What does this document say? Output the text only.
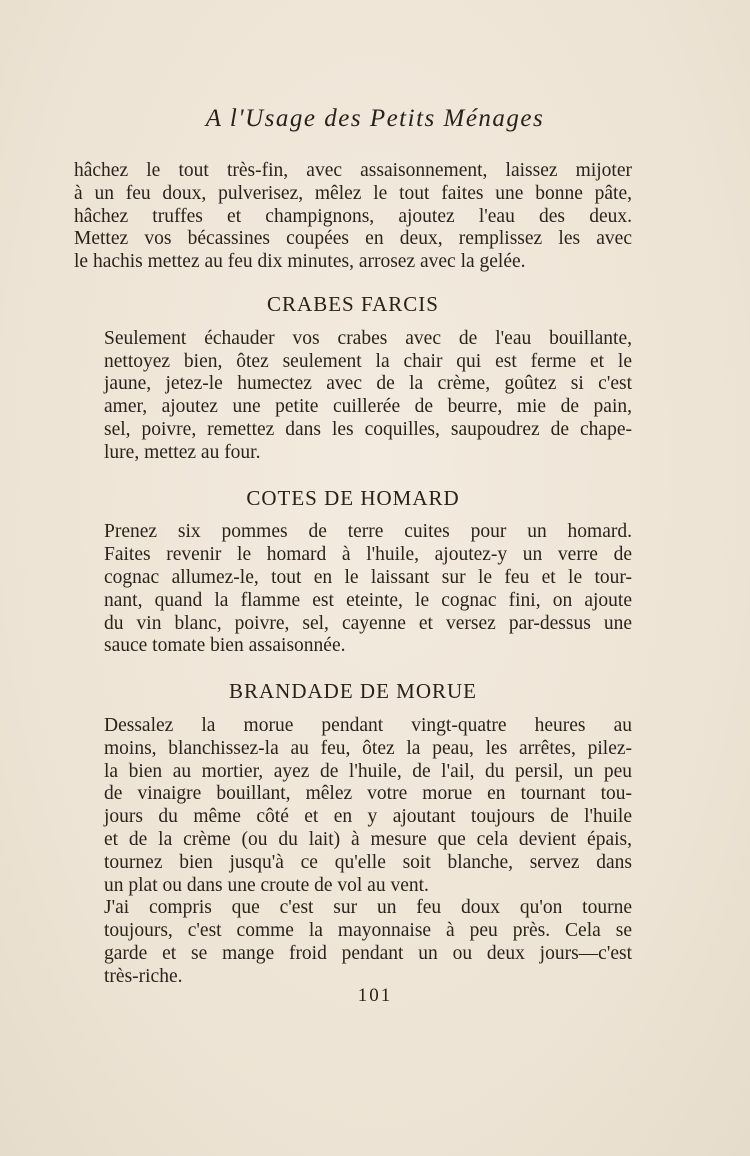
A l'Usage des Petits Ménages
hâchez le tout très-fin, avec assaisonnement, laissez mijoter
à un feu doux, pulverisez, mêlez le tout faites une bonne pâte,
hâchez truffes et champignons, ajoutez l'eau des deux.
Mettez vos bécassines coupées en deux, remplissez les avec
le hachis mettez au feu dix minutes, arrosez avec la gelée.
CRABES FARCIS
Seulement échauder vos crabes avec de l'eau bouillante,
nettoyez bien, ôtez seulement la chair qui est ferme et le
jaune, jetez-le humectez avec de la crème, goûtez si c'est
amer, ajoutez une petite cuillerée de beurre, mie de pain,
sel, poivre, remettez dans les coquilles, saupoudrez de chape-
lure, mettez au four.
COTES DE HOMARD
Prenez six pommes de terre cuites pour un homard.
Faites revenir le homard à l'huile, ajoutez-y un verre de
cognac allumez-le, tout en le laissant sur le feu et le tour-
nant, quand la flamme est eteinte, le cognac fini, on ajoute
du vin blanc, poivre, sel, cayenne et versez par-dessus une
sauce tomate bien assaisonnée.
BRANDADE DE MORUE
Dessalez la morue pendant vingt-quatre heures au
moins, blanchissez-la au feu, ôtez la peau, les arrêtes, pilez-
la bien au mortier, ayez de l'huile, de l'ail, du persil, un peu
de vinaigre bouillant, mêlez votre morue en tournant tou-
jours du même côté et en y ajoutant toujours de l'huile
et de la crème (ou du lait) à mesure que cela devient épais,
tournez bien jusqu'à ce qu'elle soit blanche, servez dans
un plat ou dans une croute de vol au vent.
J'ai compris que c'est sur un feu doux qu'on tourne
toujours, c'est comme la mayonnaise à peu près. Cela se
garde et se mange froid pendant un ou deux jours—c'est
très-riche.
101
